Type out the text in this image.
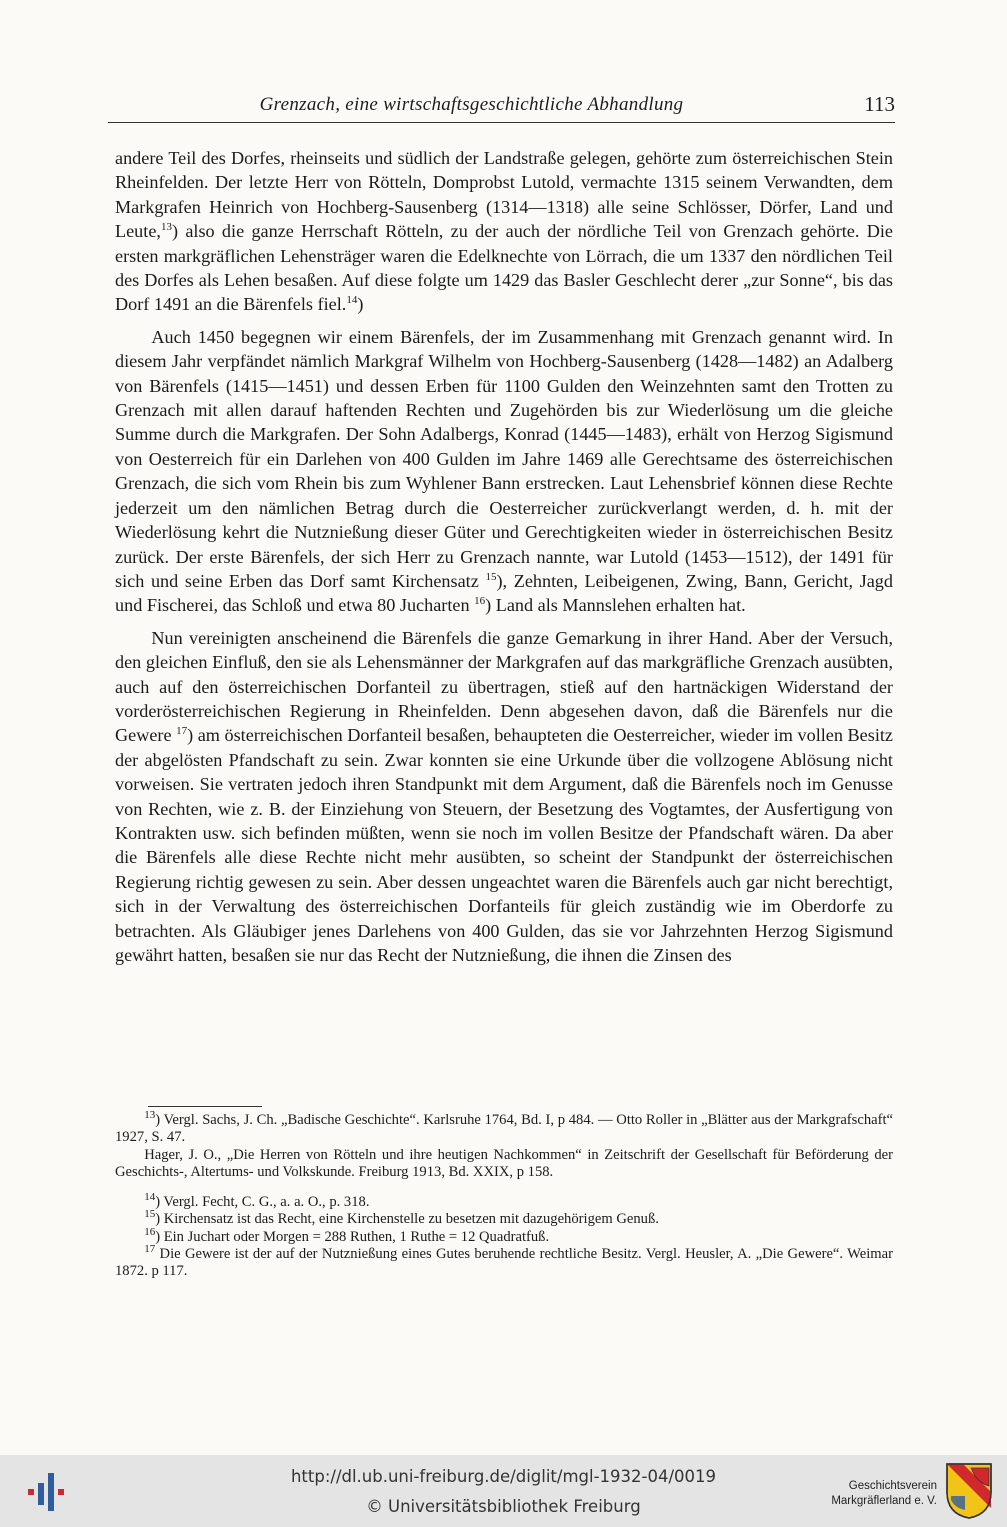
Grenzach, eine wirtschaftsgeschichtliche Abhandlung	113

andere Teil des Dorfes, rheinseits und südlich der Landstraße gelegen, gehörte zum österreichischen Stein Rheinfelden. Der letzte Herr von Rötteln, Domprobst Lutold, vermachte 1315 seinem Verwandten, dem Markgrafen Heinrich von Hochberg-Sausenberg (1314—1318) alle seine Schlösser, Dörfer, Land und Leute,$^{13}$) also die ganze Herrschaft Rötteln, zu der auch der nördliche Teil von Grenzach gehörte. Die ersten markgräflichen Lehensträger waren die Edelknechte von Lörrach, die um 1337 den nördlichen Teil des Dorfes als Lehen besaßen. Auf diese folgte um 1429 das Basler Geschlecht derer „zur Sonne“, bis das Dorf 1491 an die Bärenfels fiel.$^{14}$)

Auch 1450 begegnen wir einem Bärenfels, der im Zusammenhang mit Grenzach genannt wird. In diesem Jahr verpfändet nämlich Markgraf Wilhelm von Hochberg-Sausenberg (1428—1482) an Adalberg von Bärenfels (1415—1451) und dessen Erben für 1100 Gulden den Weinzehnten samt den Trotten zu Grenzach mit allen darauf haftenden Rechten und Zugehörden bis zur Wiederlösung um die gleiche Summe durch die Markgrafen. Der Sohn Adalbergs, Konrad (1445—1483), erhält von Herzog Sigismund von Oesterreich für ein Darlehen von 400 Gulden im Jahre 1469 alle Gerechtsame des österreichischen Grenzach, die sich vom Rhein bis zum Wyhlener Bann erstrecken. Laut Lehensbrief können diese Rechte jederzeit um den nämlichen Betrag durch die Oesterreicher zurückverlangt werden, d. h. mit der Wiederlösung kehrt die Nutznießung dieser Güter und Gerechtigkeiten wieder in österreichischen Besitz zurück. Der erste Bärenfels, der sich Herr zu Grenzach nannte, war Lutold (1453—1512), der 1491 für sich und seine Erben das Dorf samt Kirchensatz $^{15}$), Zehnten, Leibeigenen, Zwing, Bann, Gericht, Jagd und Fischerei, das Schloß und etwa 80 Jucharten $^{16}$) Land als Mannslehen erhalten hat.

Nun vereinigten anscheinend die Bärenfels die ganze Gemarkung in ihrer Hand. Aber der Versuch, den gleichen Einfluß, den sie als Lehensmänner der Markgrafen auf das markgräfliche Grenzach ausübten, auch auf den österreichischen Dorfanteil zu übertragen, stieß auf den hartnäckigen Widerstand der vorderösterreichischen Regierung in Rheinfelden. Denn abgesehen davon, daß die Bärenfels nur die Gewere $^{17}$) am österreichischen Dorfanteil besaßen, behaupteten die Oesterreicher, wieder im vollen Besitz der abgelösten Pfandschaft zu sein. Zwar konnten sie eine Urkunde über die vollzogene Ablösung nicht vorweisen. Sie vertraten jedoch ihren Standpunkt mit dem Argument, daß die Bärenfels noch im Genusse von Rechten, wie z. B. der Einziehung von Steuern, der Besetzung des Vogtamtes, der Ausfertigung von Kontrakten usw. sich befinden müßten, wenn sie noch im vollen Besitze der Pfandschaft wären. Da aber die Bärenfels alle diese Rechte nicht mehr ausübten, so scheint der Standpunkt der österreichischen Regierung richtig gewesen zu sein. Aber dessen ungeachtet waren die Bärenfels auch gar nicht berechtigt, sich in der Verwaltung des österreichischen Dorfanteils für gleich zuständig wie im Oberdorfe zu betrachten. Als Gläubiger jenes Darlehens von 400 Gulden, das sie vor Jahrzehnten Herzog Sigismund gewährt hatten, besaßen sie nur das Recht der Nutznießung, die ihnen die Zinsen des

$^{13}$) Vergl. Sachs, J. Ch. „Badische Geschichte“. Karlsruhe 1764, Bd. I, p 484. — Otto Roller in „Blätter aus der Markgrafschaft“ 1927, S. 47.

Hager, J. O., „Die Herren von Rötteln und ihre heutigen Nachkommen“ in Zeitschrift der Gesellschaft für Beförderung der Geschichts-, Altertums- und Volkskunde. Freiburg 1913, Bd. XXIX, p 158.

$^{14}$) Vergl. Fecht, C. G., a. a. O., p. 318.

$^{15}$) Kirchensatz ist das Recht, eine Kirchenstelle zu besetzen mit dazugehörigem Genuß.

$^{16}$) Ein Juchart oder Morgen = 288 Ruthen, 1 Ruthe = 12 Quadratfuß.

$^{17}$ Die Gewere ist der auf der Nutznießung eines Gutes beruhende rechtliche Besitz. Vergl. Heusler, A. „Die Gewere“. Weimar 1872. p 117.

http://dl.ub.uni-freiburg.de/diglit/mgl-1932-04/0019
© Universitätsbibliothek Freiburg
Geschichtsverein
Markgräflerland e. V.
